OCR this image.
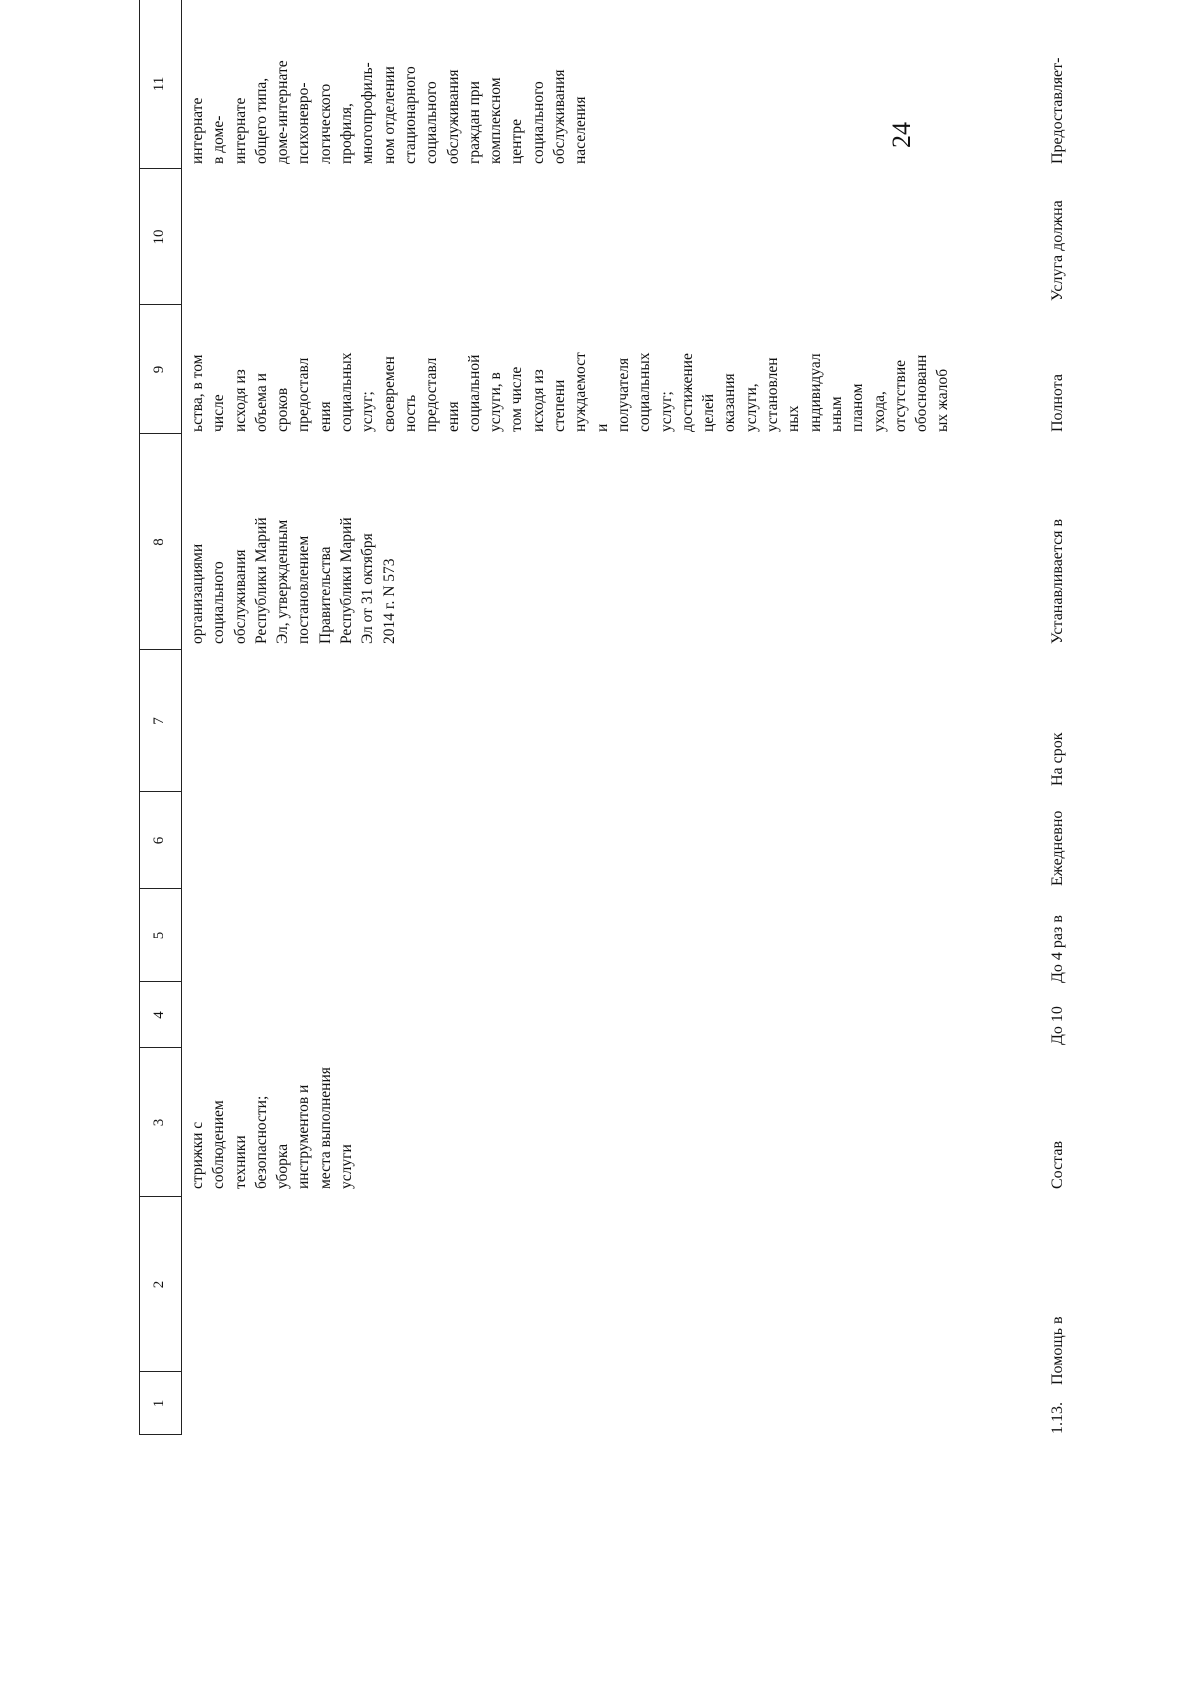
24
1
2
3
4
5
6
7
8
9
10
11
стрижки с соблюдением техники безопасности; уборка инструментов и места выполнения услуги
организациями социального обслуживания Республики Марий Эл, утвержденным постановлением Правительства Республики Марий Эл от 31 октября 2014 г. N 573
ьства, в том числе исходя из объема и сроков предоставл ения социальных услуг; своевремен ность предоставл ения социальной услуги, в том числе исходя из степени нуждаемост и получателя социальных услуг; достижение целей оказания услуги, установлен ных индивидуал ьным планом ухода, отсутствие обоснованн ых жалоб
интернате в доме- интернате общего типа, доме-интернате психоневро- логического профиля, многопрофиль- ном отделении стационарного социального обслуживания граждан при комплексном центре социального обслуживания населения
1.13.
Помощь в
Состав
До 10
До 4 раз в
Ежедневно
На срок
Устанавливается в
Полнота
Услуга должна
Предоставляет-
